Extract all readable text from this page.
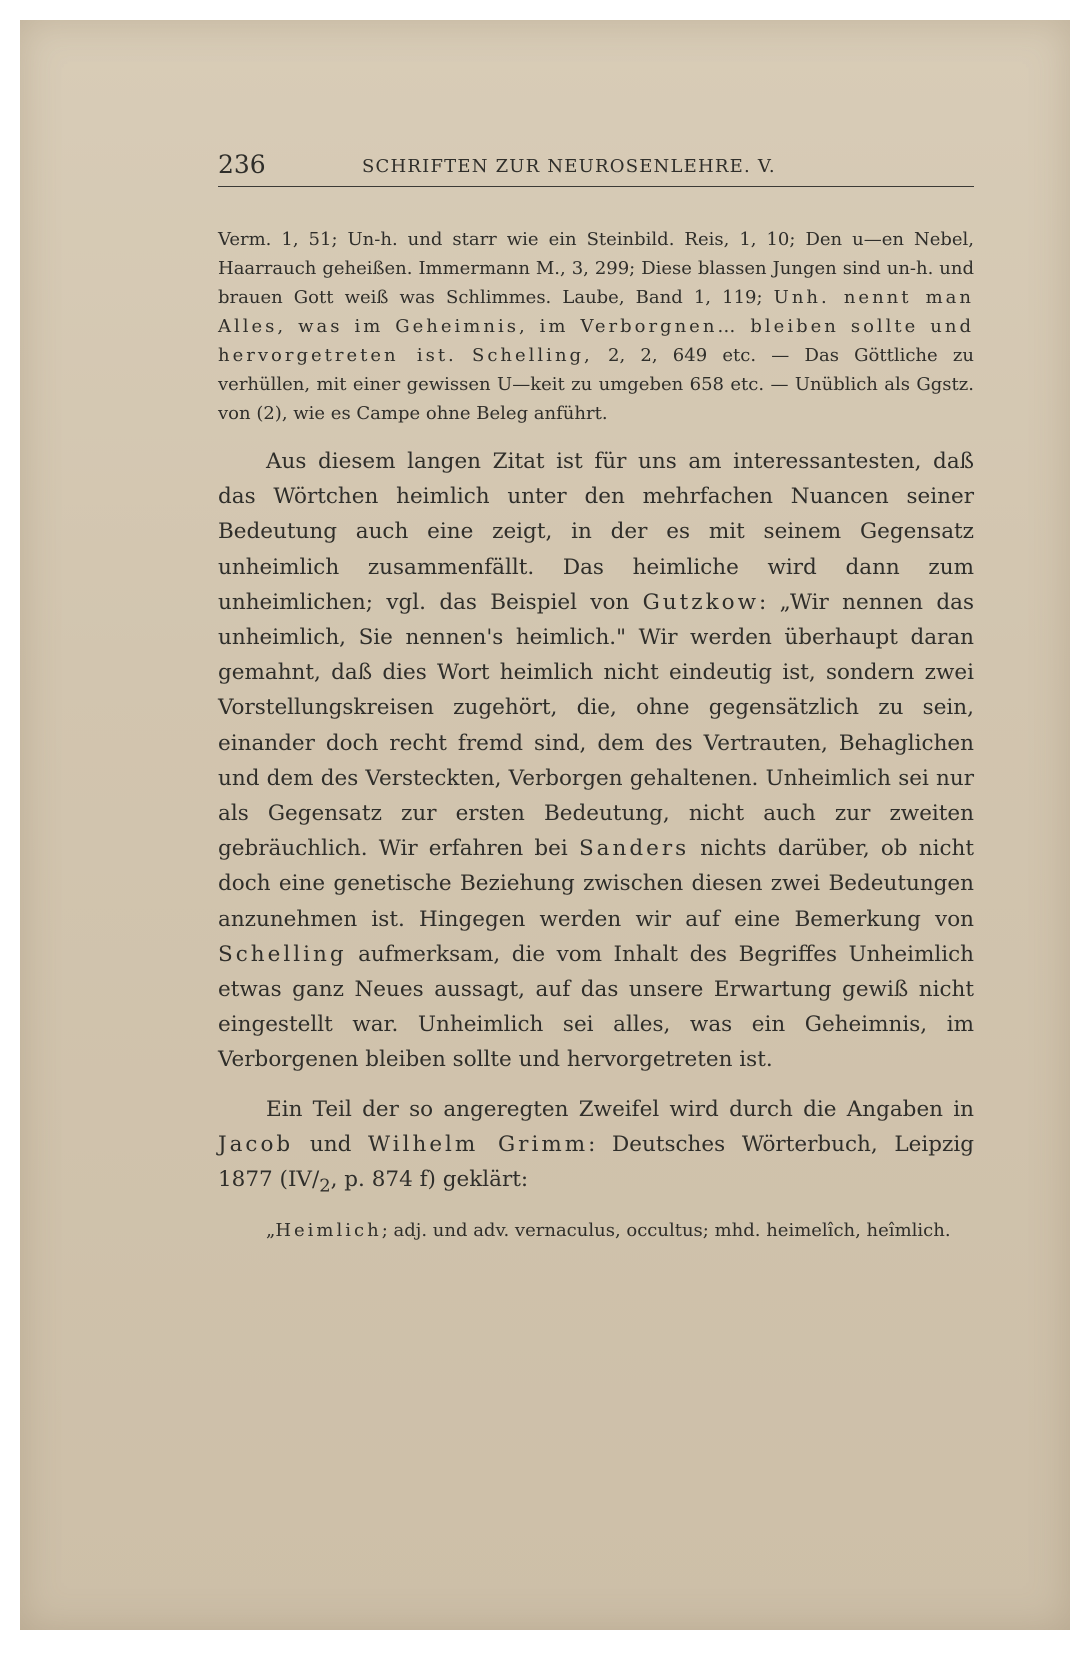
236	SCHRIFTEN ZUR NEUROSENLEHRE. V.

Verm. 1, 51; Un-h. und starr wie ein Steinbild. Reis, 1, 10; Den u—en Nebel, Haarrauch geheißen. Immermann M., 3, 299; Diese blassen Jungen sind un-h. und brauen Gott weiß was Schlimmes. Laube, Band 1, 119; Unh. nennt man Alles, was im Geheimnis, im Verborgnen… bleiben sollte und hervorgetreten ist. Schelling, 2, 2, 649 etc. — Das Göttliche zu verhüllen, mit einer gewissen U—keit zu umgeben 658 etc. — Unüblich als Ggstz. von (2), wie es Campe ohne Beleg anführt.

Aus diesem langen Zitat ist für uns am interessantesten, daß das Wörtchen heimlich unter den mehrfachen Nuancen seiner Bedeutung auch eine zeigt, in der es mit seinem Gegensatz unheimlich zusammenfällt. Das heimliche wird dann zum unheimlichen; vgl. das Beispiel von Gutzkow: „Wir nennen das unheimlich, Sie nennen's heimlich." Wir werden überhaupt daran gemahnt, daß dies Wort heimlich nicht eindeutig ist, sondern zwei Vorstellungskreisen zugehört, die, ohne gegensätzlich zu sein, einander doch recht fremd sind, dem des Vertrauten, Behaglichen und dem des Versteckten, Verborgen gehaltenen. Unheimlich sei nur als Gegensatz zur ersten Bedeutung, nicht auch zur zweiten gebräuchlich. Wir erfahren bei Sanders nichts darüber, ob nicht doch eine genetische Beziehung zwischen diesen zwei Bedeutungen anzunehmen ist. Hingegen werden wir auf eine Bemerkung von Schelling aufmerksam, die vom Inhalt des Begriffes Unheimlich etwas ganz Neues aussagt, auf das unsere Erwartung gewiß nicht eingestellt war. Unheimlich sei alles, was ein Geheimnis, im Verborgenen bleiben sollte und hervorgetreten ist.

Ein Teil der so angeregten Zweifel wird durch die Angaben in Jacob und Wilhelm Grimm: Deutsches Wörterbuch, Leipzig 1877 ($IV/_2$, p. 874 f) geklärt:

„Heimlich; adj. und adv. vernaculus, occultus; mhd. heimelîch, heîmlich.
